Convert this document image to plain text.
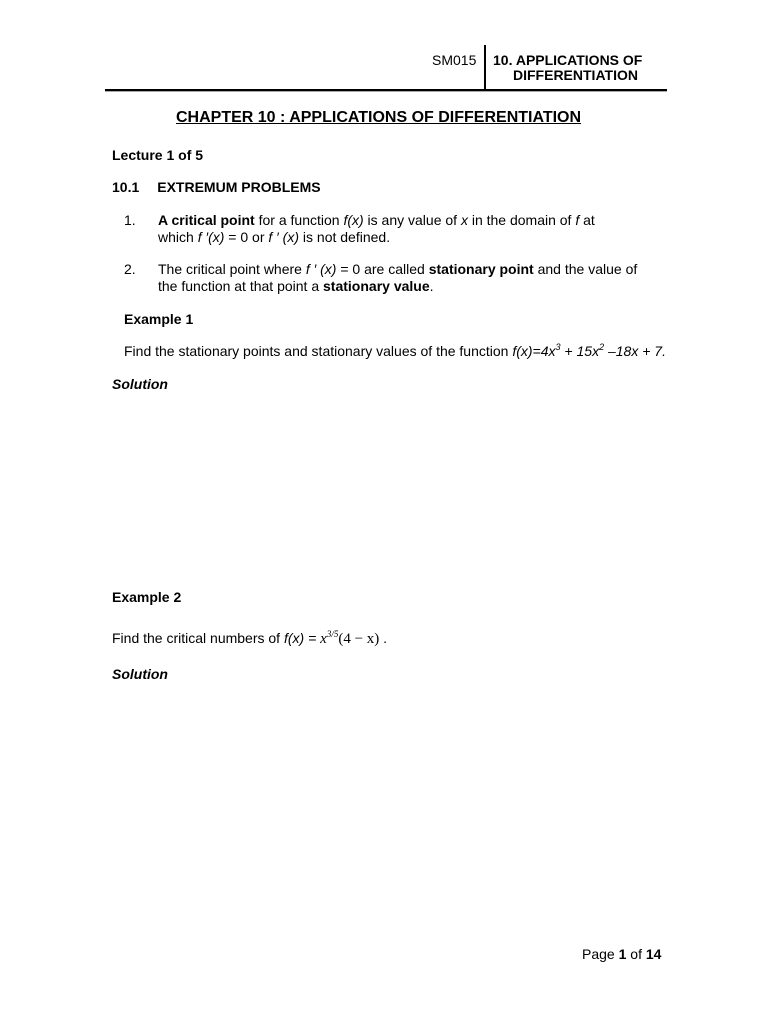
SM015 10. APPLICATIONS OF
DIFFERENTIATION
CHAPTER 10 : APPLICATIONS OF DIFFERENTIATION
Lecture 1 of 5
10.1 EXTREMUM PROBLEMS
1. A critical point for a function f(x) is any value of x in the domain of f at
which f ′(x) = 0 or f ′ (x) is not defined.
2. The critical point where f ′ (x) = 0 are called stationary point and the value of
the function at that point a stationary value.
Example 1
Find the stationary points and stationary values of the function $f(x)=4x^3 + 15x^2$ –18x + 7.
Solution
Example 2
Find the critical numbers of f(x) = x3/5(4 − x) .
Solution
Page 1 of 14
